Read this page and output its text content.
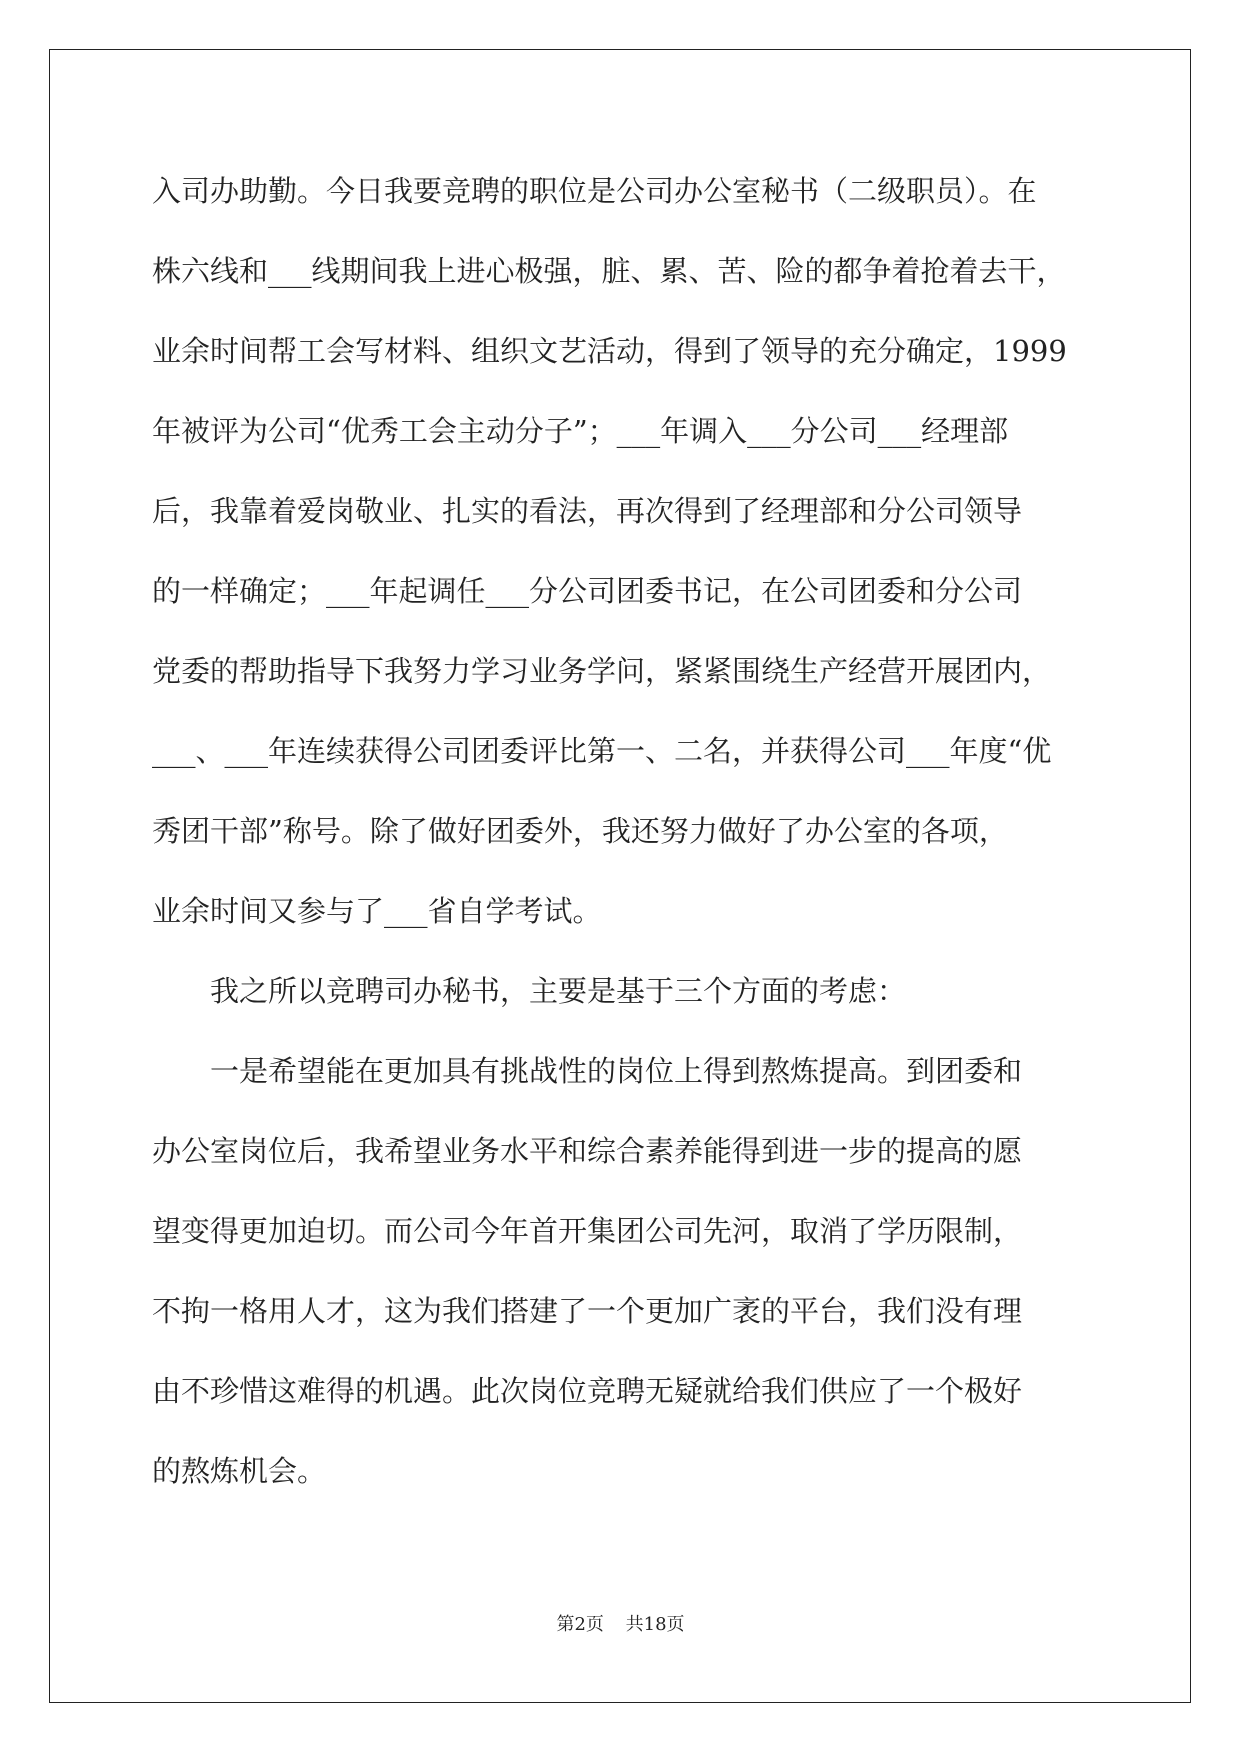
入司办助勤。今日我要竞聘的职位是公司办公室秘书（二级职员）。在

株六线和___线期间我上进心极强，脏、累、苦、险的都争着抢着去干，

业余时间帮工会写材料、组织文艺活动，得到了领导的充分确定，1999

年被评为公司“优秀工会主动分子”；___年调入___分公司___经理部

后，我靠着爱岗敬业、扎实的看法，再次得到了经理部和分公司领导

的一样确定；___年起调任___分公司团委书记，在公司团委和分公司

党委的帮助指导下我努力学习业务学问，紧紧围绕生产经营开展团内，

___、___年连续获得公司团委评比第一、二名，并获得公司___年度“优

秀团干部”称号。除了做好团委外，我还努力做好了办公室的各项，

业余时间又参与了___省自学考试。

　　我之所以竞聘司办秘书，主要是基于三个方面的考虑：

　　一是希望能在更加具有挑战性的岗位上得到熬炼提高。到团委和

办公室岗位后，我希望业务水平和综合素养能得到进一步的提高的愿

望变得更加迫切。而公司今年首开集团公司先河，取消了学历限制，

不拘一格用人才，这为我们搭建了一个更加广袤的平台，我们没有理

由不珍惜这难得的机遇。此次岗位竞聘无疑就给我们供应了一个极好

的熬炼机会。

第2页 共18页
